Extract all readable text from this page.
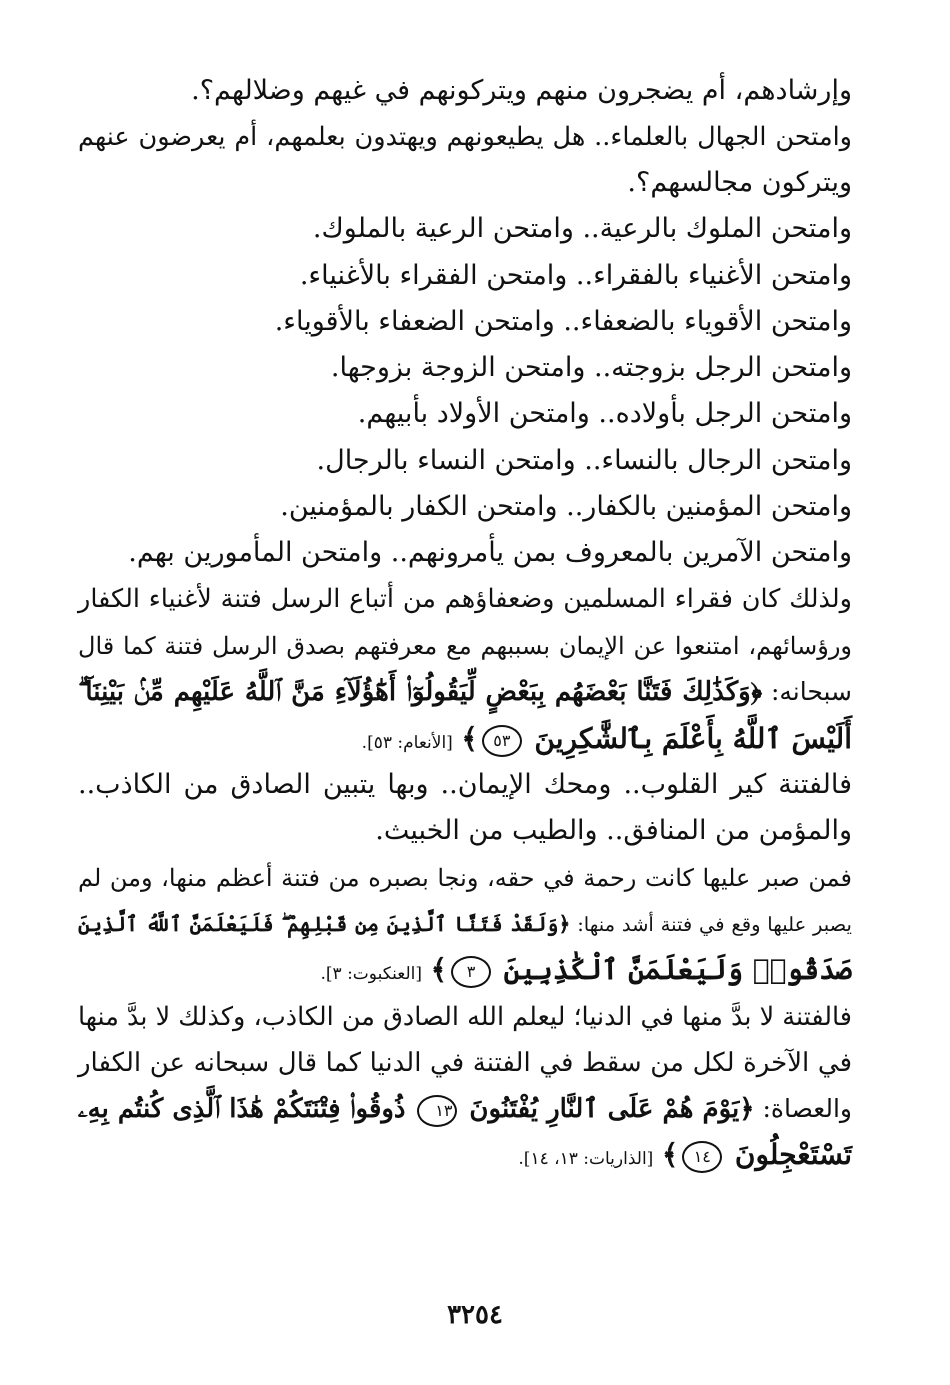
وإرشادهم، أم يضجرون منهم ويتركونهم في غيهم وضلالهم؟.
وامتحن الجهال بالعلماء.. هل يطيعونهم ويهتدون بعلمهم، أم يعرضون عنهم
ويتركون مجالسهم؟.
وامتحن الملوك بالرعية.. وامتحن الرعية بالملوك.
وامتحن الأغنياء بالفقراء.. وامتحن الفقراء بالأغنياء.
وامتحن الأقوياء بالضعفاء.. وامتحن الضعفاء بالأقوياء.
وامتحن الرجل بزوجته.. وامتحن الزوجة بزوجها.
وامتحن الرجل بأولاده.. وامتحن الأولاد بأبيهم.
وامتحن الرجال بالنساء.. وامتحن النساء بالرجال.
وامتحن المؤمنين بالكفار.. وامتحن الكفار بالمؤمنين.
وامتحن الآمرين بالمعروف بمن يأمرونهم.. وامتحن المأمورين بهم.
ولذلك كان فقراء المسلمين وضعفاؤهم من أتباع الرسل فتنة لأغنياء الكفار
ورؤسائهم، امتنعوا عن الإيمان بسببهم مع معرفتهم بصدق الرسل فتنة كما قال
سبحانه: ﴿وَكَذَٰلِكَ فَتَنَّا بَعْضَهُم بِبَعْضٍ لِّيَقُولُوٓا۟ أَهَٰٓؤُلَآءِ مَنَّ ٱللَّهُ عَلَيْهِم مِّنۢ بَيْنِنَآ ۗ
أَلَيْسَ ٱللَّهُ بِأَعْلَمَ بِٱلشَّٰكِرِينَ ٥٣﴾ [الأنعام: ٥٣].
فالفتنة كير القلوب.. ومحك الإيمان.. وبها يتبين الصادق من الكاذب..
والمؤمن من المنافق.. والطيب من الخبيث.
فمن صبر عليها كانت رحمة في حقه، ونجا بصبره من فتنة أعظم منها، ومن لم
يصبر عليها وقع في فتنة أشد منها: ﴿وَلَقَدْ فَتَنَّا ٱلَّذِينَ مِن قَبْلِهِمْ ۖ فَلَيَعْلَمَنَّ ٱللَّهُ ٱلَّذِينَ
صَدَقُوا۟ وَلَيَعْلَمَنَّ ٱلْكَٰذِبِينَ ٣﴾ [العنكبوت: ٣].
فالفتنة لا بدَّ منها في الدنيا؛ ليعلم الله الصادق من الكاذب، وكذلك لا بدَّ منها
في الآخرة لكل من سقط في الفتنة في الدنيا كما قال سبحانه عن الكفار
والعصاة: ﴿يَوْمَ هُمْ عَلَى ٱلنَّارِ يُفْتَنُونَ ١٣ ذُوقُوا۟ فِتْنَتَكُمْ هَٰذَا ٱلَّذِى كُنتُم بِهِۦ
تَسْتَعْجِلُونَ ١٤﴾ [الذاريات: ١٣، ١٤].
٣٢٥٤
